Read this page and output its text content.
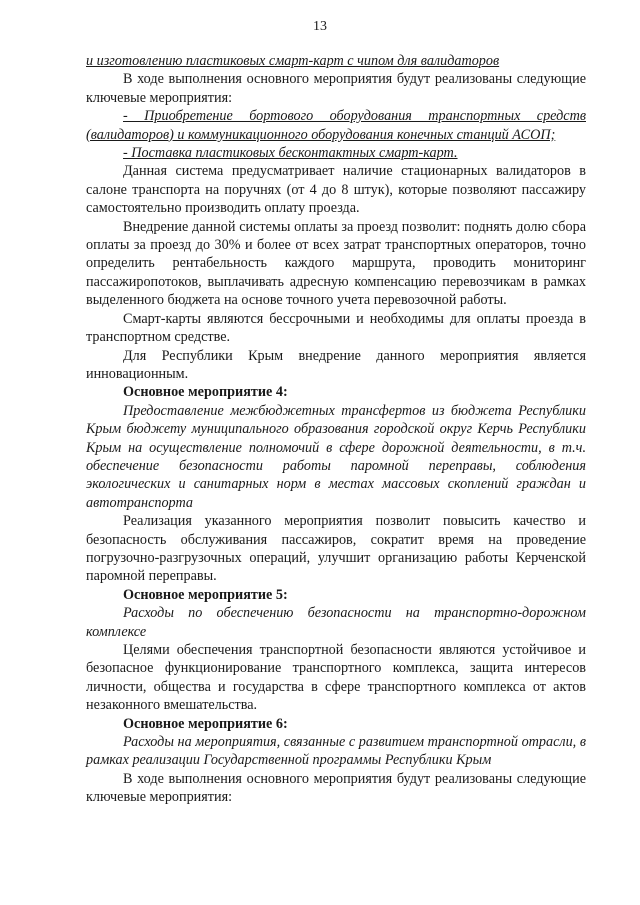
13

и изготовлению пластиковых смарт-карт с чипом для валидаторов

В ходе выполнения основного мероприятия будут реализованы следующие ключевые мероприятия:

- Приобретение бортового оборудования транспортных средств (валидаторов) и коммуникационного оборудования конечных станций АСОП;

- Поставка пластиковых бесконтактных смарт-карт.

Данная система предусматривает наличие стационарных валидаторов в салоне транспорта на поручнях (от 4 до 8 штук), которые позволяют пассажиру самостоятельно производить оплату проезда.

Внедрение данной системы оплаты за проезд позволит: поднять долю сбора оплаты за проезд до 30% и более от всех затрат транспортных операторов, точно определить рентабельность каждого маршрута, проводить мониторинг пассажиропотоков, выплачивать адресную компенсацию перевозчикам в рамках выделенного бюджета на основе точного учета перевозочной работы.

Смарт-карты являются бессрочными и необходимы для оплаты проезда в транспортном средстве.

Для Республики Крым внедрение данного мероприятия является инновационным.

Основное мероприятие 4:

Предоставление межбюджетных трансфертов из бюджета Республики Крым бюджету муниципального образования городской округ Керчь Республики Крым на осуществление полномочий в сфере дорожной деятельности, в т.ч. обеспечение безопасности работы паромной переправы, соблюдения экологических и санитарных норм в местах массовых скоплений граждан и автотранспорта

Реализация указанного мероприятия позволит повысить качество и безопасность обслуживания пассажиров, сократит время на проведение погрузочно-разгрузочных операций, улучшит организацию работы Керченской паромной переправы.

Основное мероприятие 5:

Расходы по обеспечению безопасности на транспортно-дорожном комплексе

Целями обеспечения транспортной безопасности являются устойчивое и безопасное функционирование транспортного комплекса, защита интересов личности, общества и государства в сфере транспортного комплекса от актов незаконного вмешательства.

Основное мероприятие 6:

Расходы на мероприятия, связанные с развитием транспортной отрасли, в рамках реализации Государственной программы Республики Крым

В ходе выполнения основного мероприятия будут реализованы следующие ключевые мероприятия:
